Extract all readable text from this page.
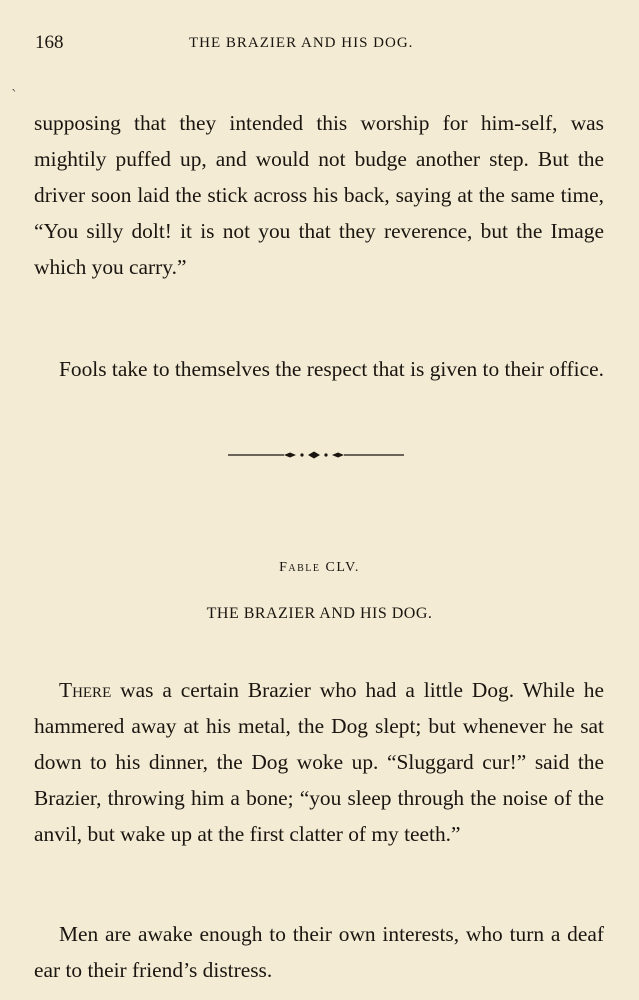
168	THE BRAZIER AND HIS DOG.
ˋ

supposing that they intended this worship for him-self, was mightily puffed up, and would not budge another step. But the driver soon laid the stick across his back, saying at the same time, “You silly dolt! it is not you that they reverence, but the Image which you carry.”

Fools take to themselves the respect that is given to their office.

Fable CLV.
THE BRAZIER AND HIS DOG.

There was a certain Brazier who had a little Dog. While he hammered away at his metal, the Dog slept; but whenever he sat down to his dinner, the Dog woke up. “Sluggard cur!” said the Brazier, throwing him a bone; “you sleep through the noise of the anvil, but wake up at the first clatter of my teeth.”

Men are awake enough to their own interests, who turn a deaf ear to their friend’s distress.
